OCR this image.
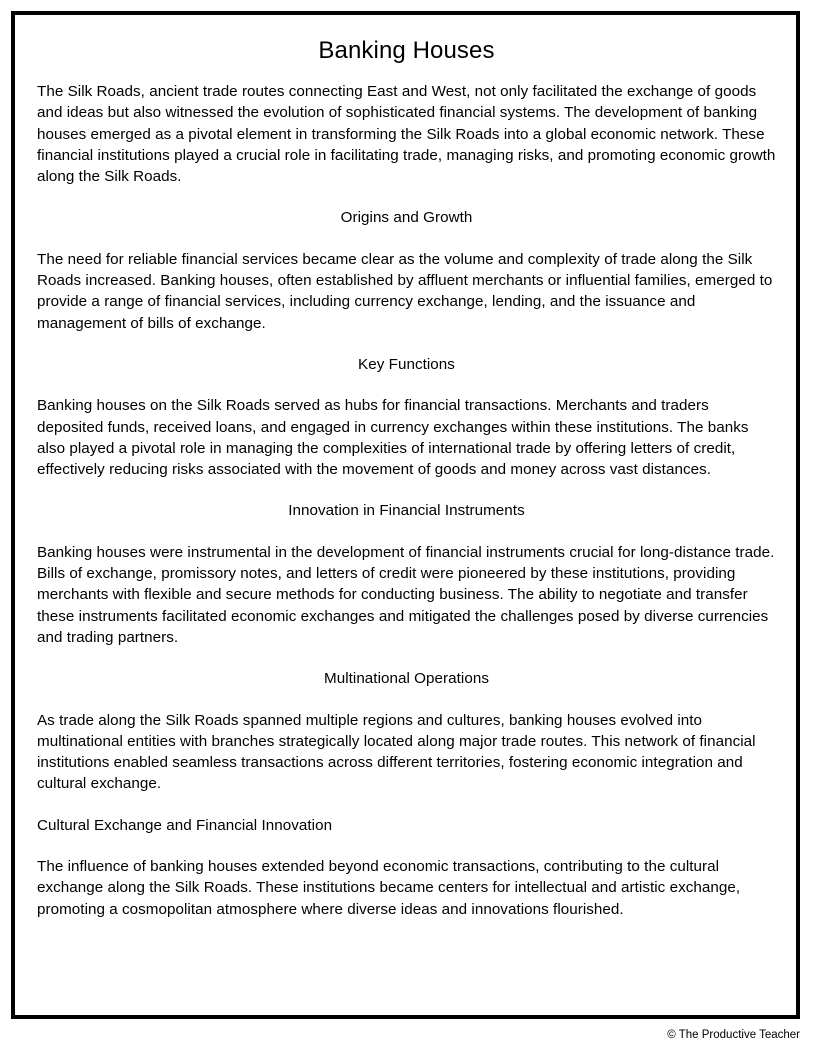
Banking Houses

The Silk Roads, ancient trade routes connecting East and West, not only facilitated the exchange of goods and ideas but also witnessed the evolution of sophisticated financial systems. The development of banking houses emerged as a pivotal element in transforming the Silk Roads into a global economic network. These financial institutions played a crucial role in facilitating trade, managing risks, and promoting economic growth along the Silk Roads.

Origins and Growth

The need for reliable financial services became clear as the volume and complexity of trade along the Silk Roads increased. Banking houses, often established by affluent merchants or influential families, emerged to provide a range of financial services, including currency exchange, lending, and the issuance and management of bills of exchange.

Key Functions

Banking houses on the Silk Roads served as hubs for financial transactions. Merchants and traders deposited funds, received loans, and engaged in currency exchanges within these institutions. The banks also played a pivotal role in managing the complexities of international trade by offering letters of credit, effectively reducing risks associated with the movement of goods and money across vast distances.

Innovation in Financial Instruments

Banking houses were instrumental in the development of financial instruments crucial for long-distance trade. Bills of exchange, promissory notes, and letters of credit were pioneered by these institutions, providing merchants with flexible and secure methods for conducting business. The ability to negotiate and transfer these instruments facilitated economic exchanges and mitigated the challenges posed by diverse currencies and trading partners.

Multinational Operations

As trade along the Silk Roads spanned multiple regions and cultures, banking houses evolved into multinational entities with branches strategically located along major trade routes. This network of financial institutions enabled seamless transactions across different territories, fostering economic integration and cultural exchange.

Cultural Exchange and Financial Innovation

The influence of banking houses extended beyond economic transactions, contributing to the cultural exchange along the Silk Roads. These institutions became centers for intellectual and artistic exchange, promoting a cosmopolitan atmosphere where diverse ideas and innovations flourished.

© The Productive Teacher
